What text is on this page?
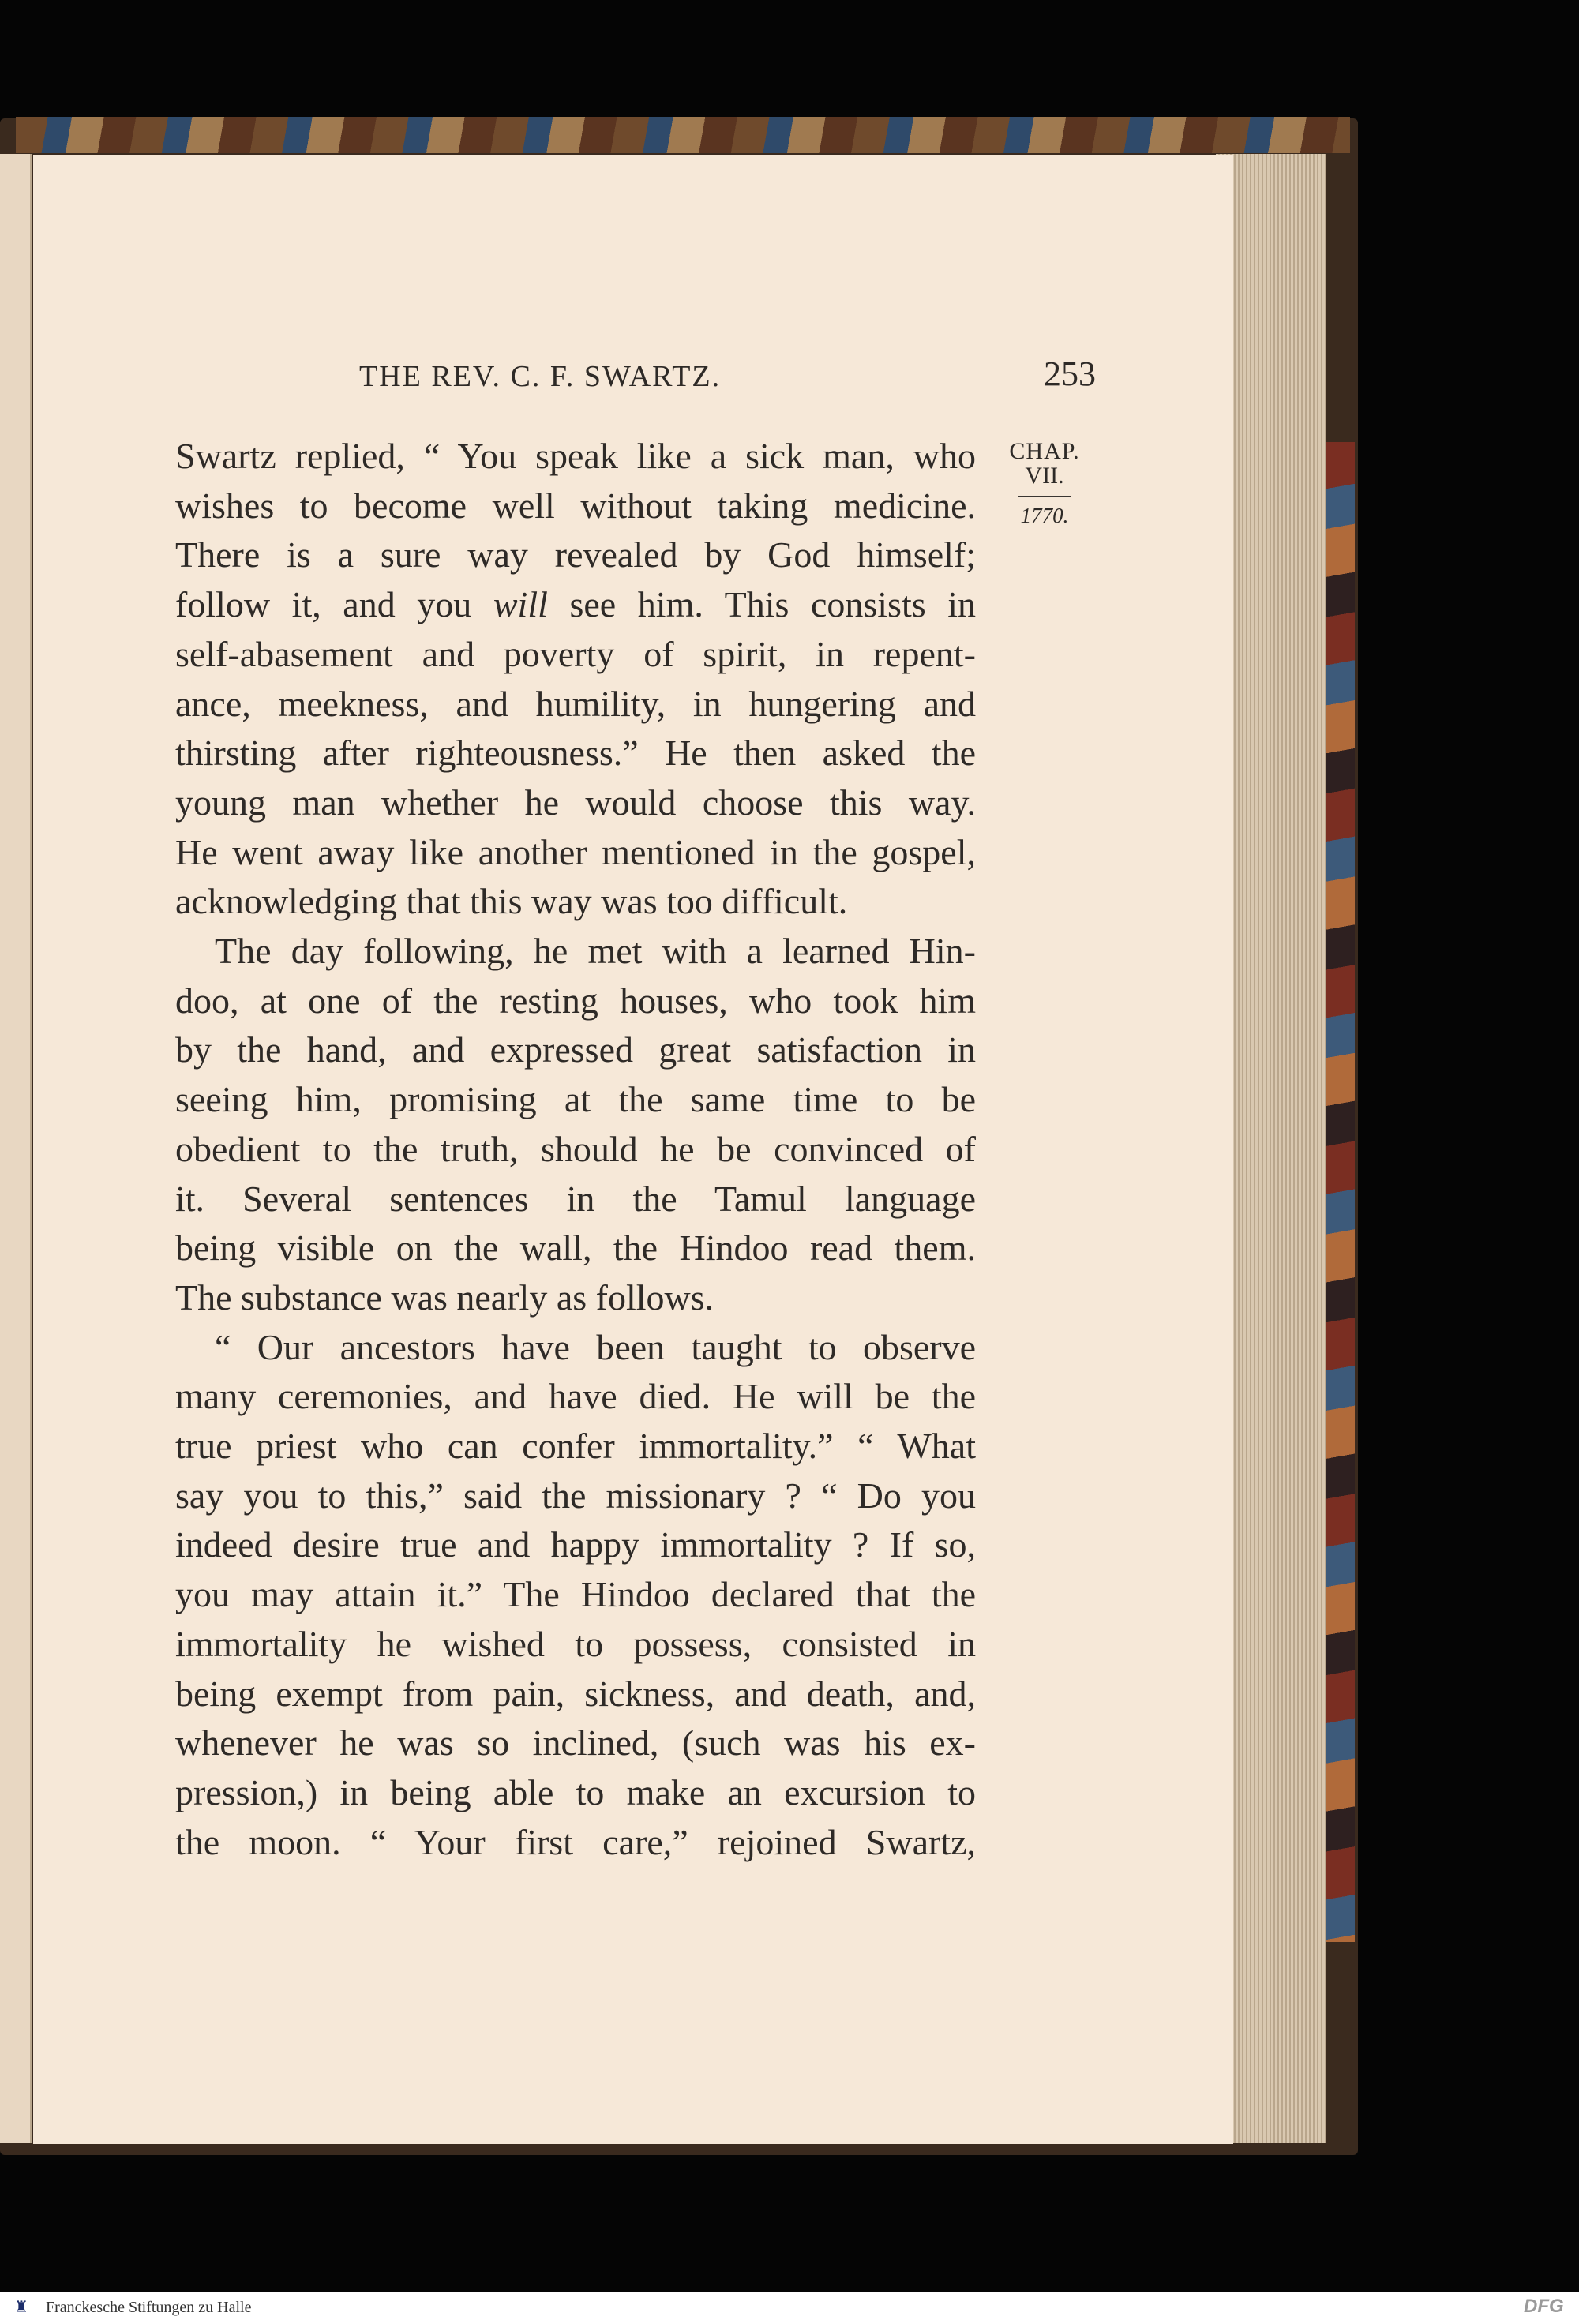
THE REV. C. F. SWARTZ.	253
CHAP.
VII.
1770.
Swartz replied, “ You speak like a sick man, who
wishes to become well without taking medicine.
There is a sure way revealed by God himself;
follow it, and you will see him. This consists in
self-abasement and poverty of spirit, in repent-
ance, meekness, and humility, in hungering and
thirsting after righteousness.” He then asked the
young man whether he would choose this way.
He went away like another mentioned in the gospel,
acknowledging that this way was too difficult.
The day following, he met with a learned Hin-
doo, at one of the resting houses, who took him
by the hand, and expressed great satisfaction in
seeing him, promising at the same time to be
obedient to the truth, should he be convinced of
it. Several sentences in the Tamul language
being visible on the wall, the Hindoo read them.
The substance was nearly as follows.
“ Our ancestors have been taught to observe
many ceremonies, and have died. He will be the
true priest who can confer immortality.” “ What
say you to this,” said the missionary ? “ Do you
indeed desire true and happy immortality ? If so,
you may attain it.” The Hindoo declared that the
immortality he wished to possess, consisted in
being exempt from pain, sickness, and death, and,
whenever he was so inclined, (such was his ex-
pression,) in being able to make an excursion to
the moon. “ Your first care,” rejoined Swartz,
♜ Franckesche Stiftungen zu Halle	DFG
